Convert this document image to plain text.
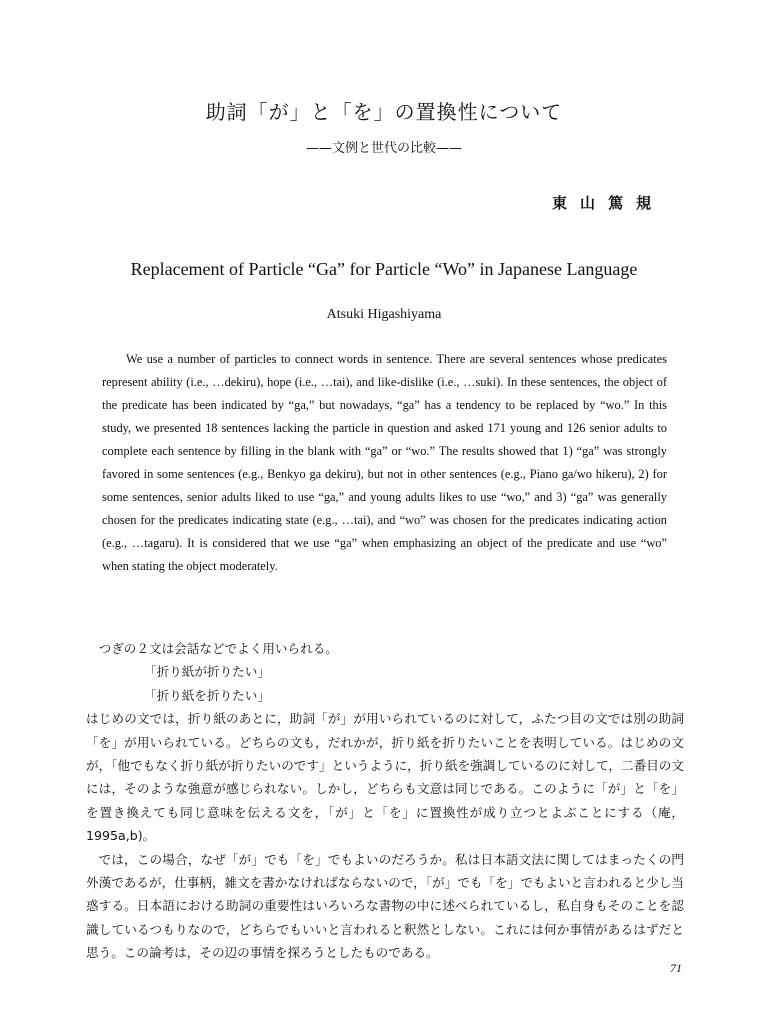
助詞「が」と「を」の置換性について
——文例と世代の比較——
東山篤規
Replacement of Particle “Ga” for Particle “Wo” in Japanese Language
Atsuki Higashiyama

We use a number of particles to connect words in sentence. There are several sentences whose predicates represent ability (i.e., …dekiru), hope (i.e., …tai), and like-dislike (i.e., …suki). In these sentences, the object of the predicate has been indicated by “ga,” but nowadays, “ga” has a tendency to be replaced by “wo.” In this study, we presented 18 sentences lacking the particle in question and asked 171 young and 126 senior adults to complete each sentence by filling in the blank with “ga” or “wo.” The results showed that 1) “ga” was strongly favored in some sentences (e.g., Benkyo ga dekiru), but not in other sentences (e.g., Piano ga/wo hikeru), 2) for some sentences, senior adults liked to use “ga,” and young adults likes to use “wo,” and 3) “ga” was generally chosen for the predicates indicating state (e.g., …tai), and “wo” was chosen for the predicates indicating action (e.g., …tagaru). It is considered that we use “ga” when emphasizing an object of the predicate and use “wo” when stating the object moderately.

つぎの２文は会話などでよく用いられる。

「折り紙が折りたい」

「折り紙を折りたい」

はじめの文では，折り紙のあとに，助詞「が」が用いられているのに対して，ふたつ目の文では別の助詞「を」が用いられている。どちらの文も，だれかが，折り紙を折りたいことを表明している。はじめの文が，「他でもなく折り紙が折りたいのです」というように，折り紙を強調しているのに対して，二番目の文には，そのような強意が感じられない。しかし，どちらも文意は同じである。このように「が」と「を」を置き換えても同じ意味を伝える文を，「が」と「を」に置換性が成り立つとよぶことにする（庵，1995a,b)。

では，この場合，なぜ「が」でも「を」でもよいのだろうか。私は日本語文法に関してはまったくの門外漢であるが，仕事柄，雑文を書かなければならないので，「が」でも「を」でもよいと言われると少し当惑する。日本語における助詞の重要性はいろいろな書物の中に述べられているし，私自身もそのことを認識しているつもりなので，どちらでもいいと言われると釈然としない。これには何か事情があるはずだと思う。この論考は，その辺の事情を探ろうとしたものである。

71
